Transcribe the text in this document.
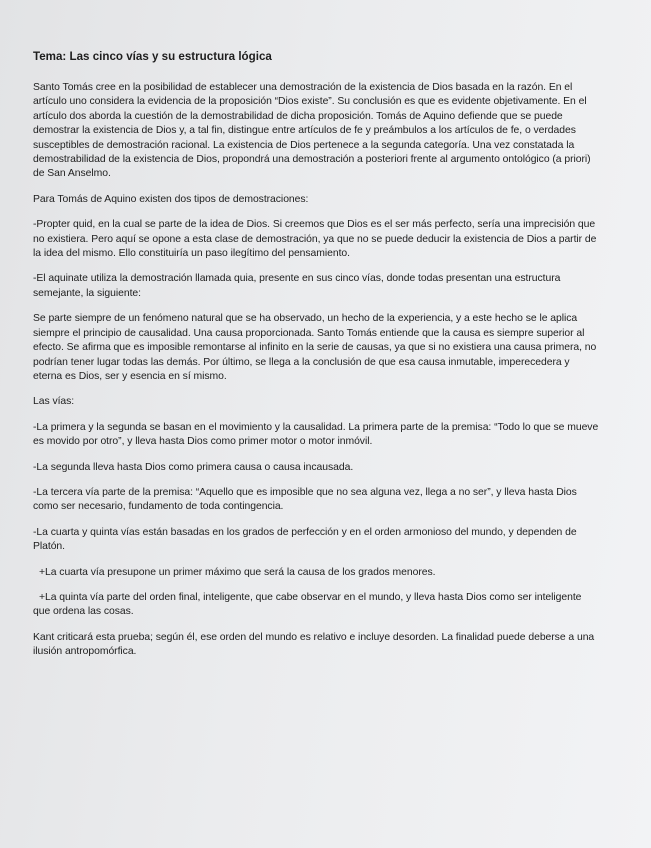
Tema: Las cinco vías y su estructura lógica

Santo Tomás cree en la posibilidad de establecer una demostración de la existencia de Dios basada en la razón. En el artículo uno considera la evidencia de la proposición “Dios existe”. Su conclusión es que es evidente objetivamente. En el artículo dos aborda la cuestión de la demostrabilidad de dicha proposición. Tomás de Aquino defiende que se puede demostrar la existencia de Dios y, a tal fin, distingue entre artículos de fe y preámbulos a los artículos de fe, o verdades susceptibles de demostración racional. La existencia de Dios pertenece a la segunda categoría. Una vez constatada la demostrabilidad de la existencia de Dios, propondrá una demostración a posteriori frente al argumento ontológico (a priori) de San Anselmo.

Para Tomás de Aquino existen dos tipos de demostraciones:

-Propter quid, en la cual se parte de la idea de Dios. Si creemos que Dios es el ser más perfecto, sería una imprecisión que no existiera. Pero aquí se opone a esta clase de demostración, ya que no se puede deducir la existencia de Dios a partir de la idea del mismo. Ello constituiría un paso ilegítimo del pensamiento.

-El aquinate utiliza la demostración llamada quia, presente en sus cinco vías, donde todas presentan una estructura semejante, la siguiente:

Se parte siempre de un fenómeno natural que se ha observado, un hecho de la experiencia, y a este hecho se le aplica siempre el principio de causalidad. Una causa proporcionada. Santo Tomás entiende que la causa es siempre superior al efecto. Se afirma que es imposible remontarse al infinito en la serie de causas, ya que si no existiera una causa primera, no podrían tener lugar todas las demás. Por último, se llega a la conclusión de que esa causa inmutable, imperecedera y eterna es Dios, ser y esencia en sí mismo.

Las vías:

-La primera y la segunda se basan en el movimiento y la causalidad. La primera parte de la premisa: “Todo lo que se mueve es movido por otro”, y lleva hasta Dios como primer motor o motor inmóvil.

-La segunda lleva hasta Dios como primera causa o causa incausada.

-La tercera vía parte de la premisa: “Aquello que es imposible que no sea alguna vez, llega a no ser”, y lleva hasta Dios como ser necesario, fundamento de toda contingencia.

-La cuarta y quinta vías están basadas en los grados de perfección y en el orden armonioso del mundo, y dependen de Platón.

+La cuarta vía presupone un primer máximo que será la causa de los grados menores.

+La quinta vía parte del orden final, inteligente, que cabe observar en el mundo, y lleva hasta Dios como ser inteligente que ordena las cosas.

Kant criticará esta prueba; según él, ese orden del mundo es relativo e incluye desorden. La finalidad puede deberse a una ilusión antropomórfica.
